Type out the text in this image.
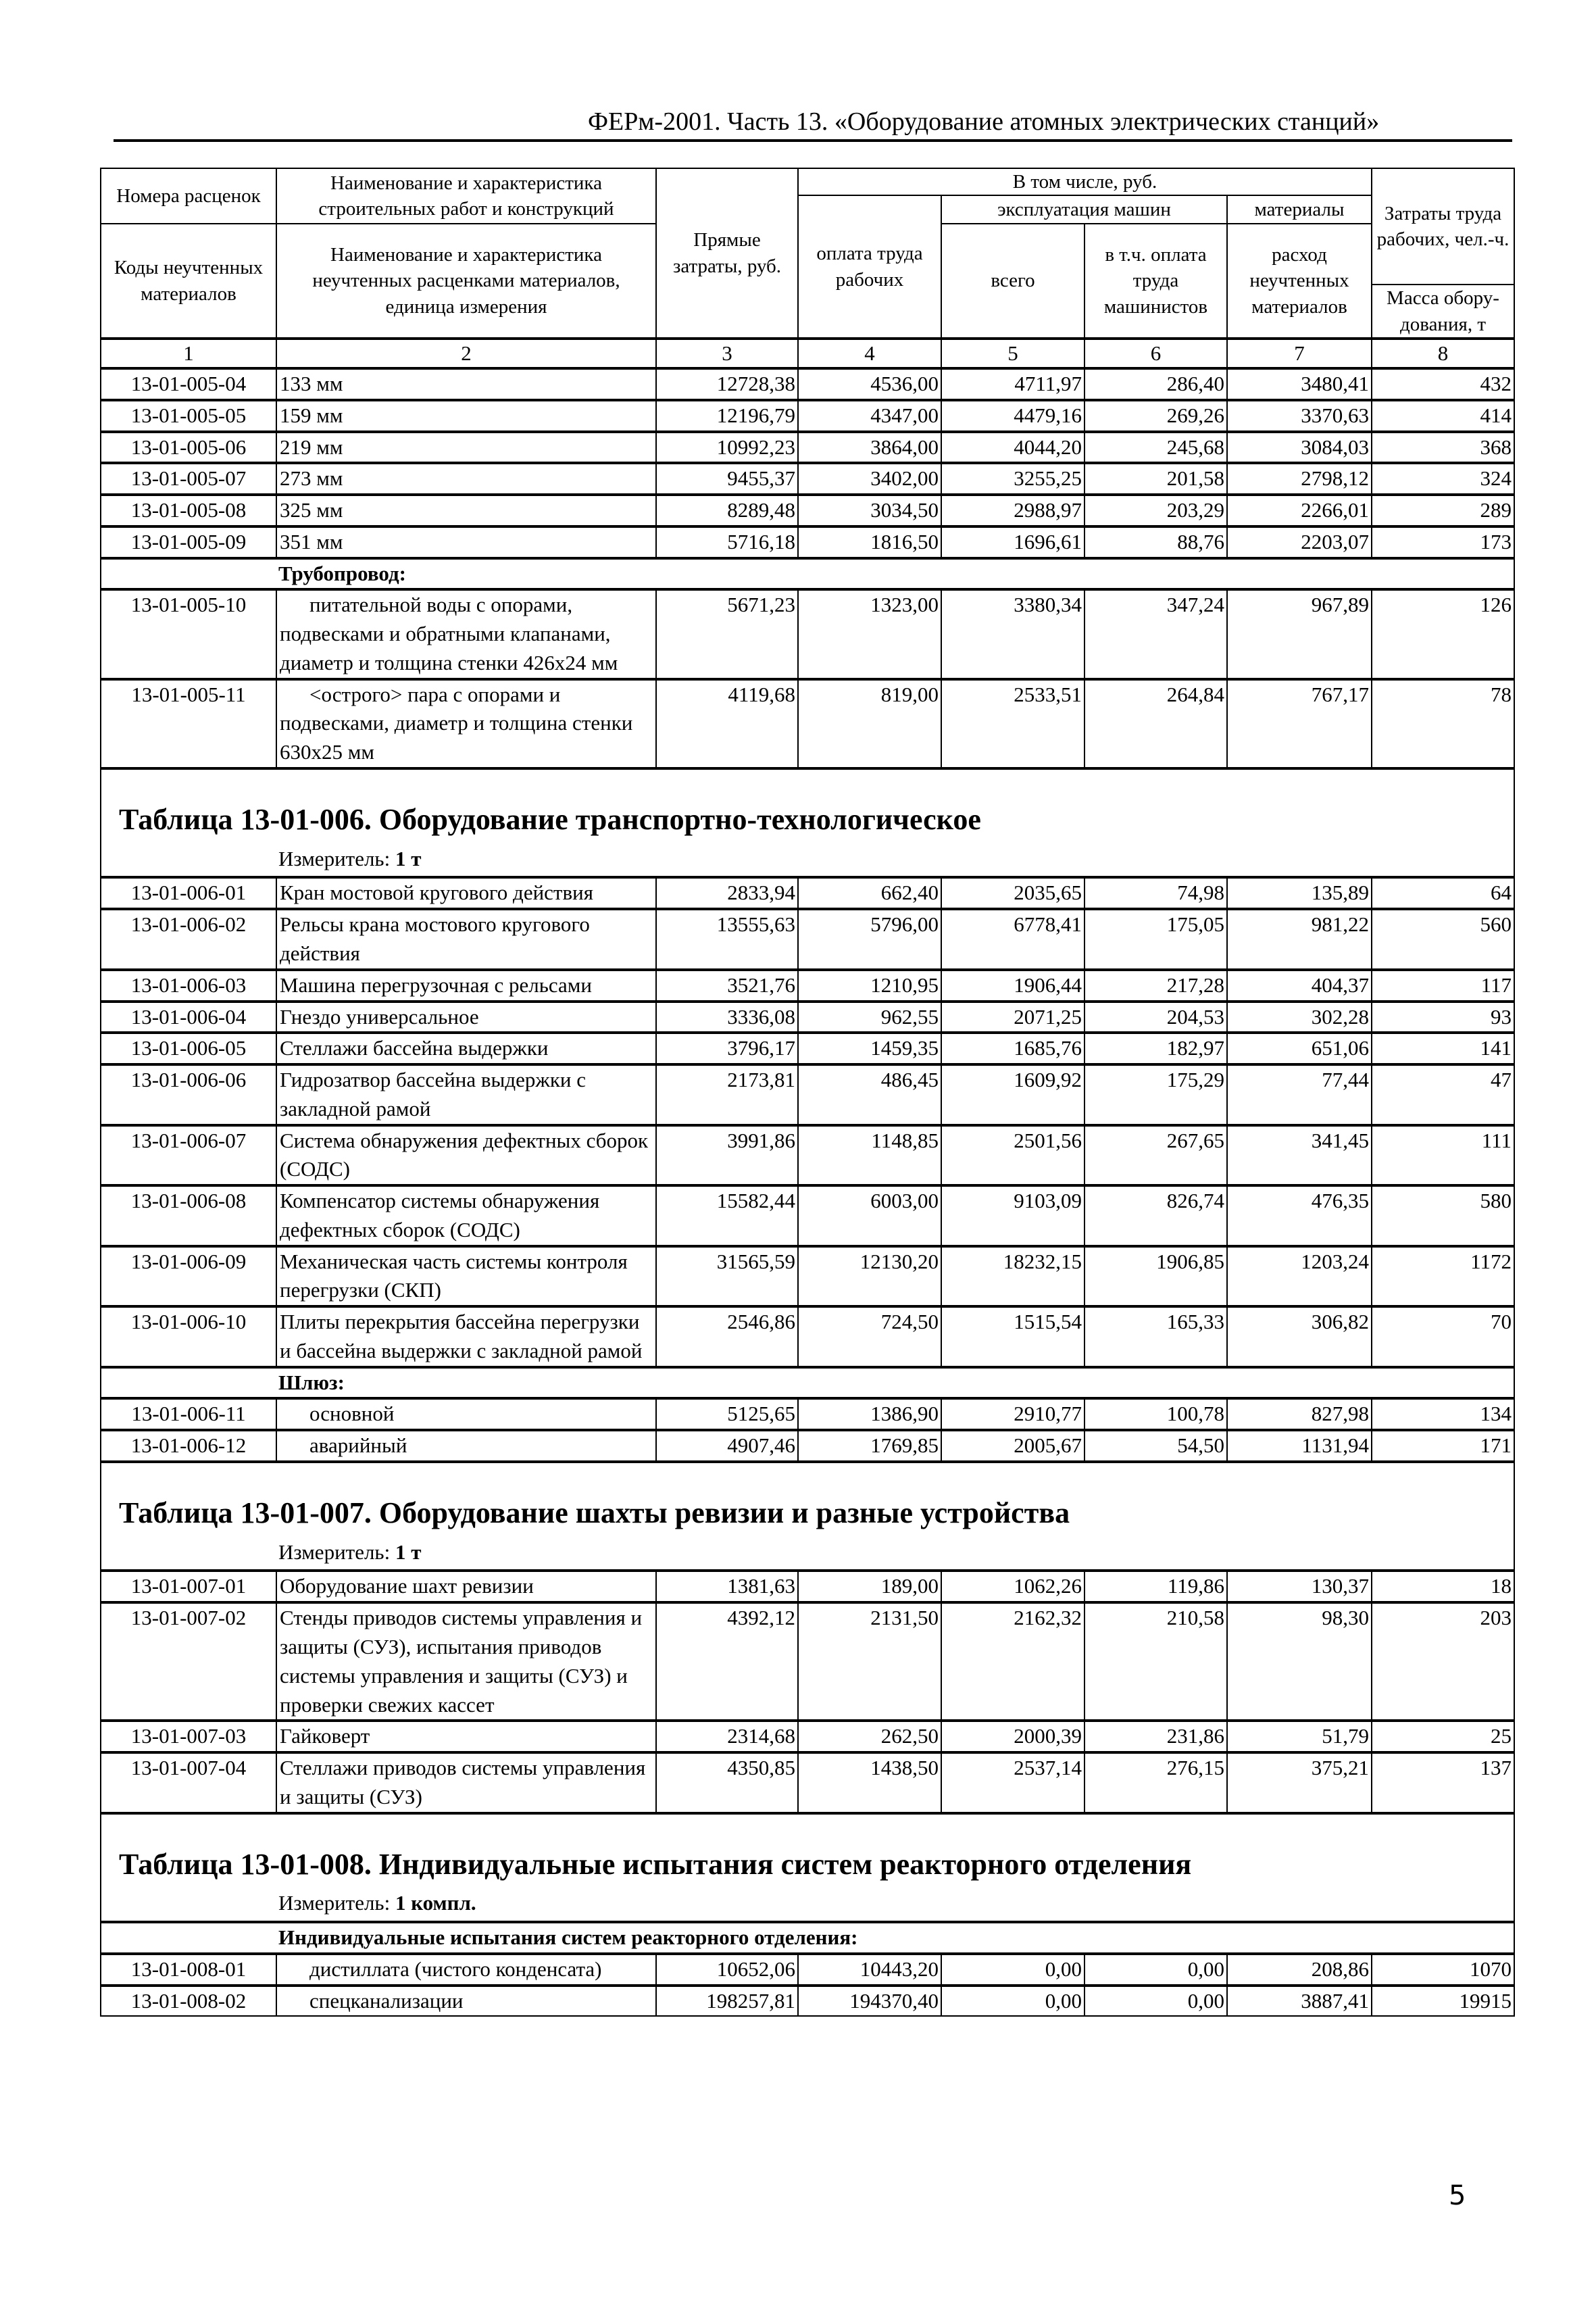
ФЕРм-2001. Часть 13. «Оборудование атомных электрических станций»
Номера расценок	Наименование и характеристика строительных работ и конструкций	Прямые затраты, руб.	В том числе, руб.				Затраты труда рабочих, чел.-ч.
			оплата труда рабочих	эксплуатация машин		материалы	
Коды неучтенных материалов	Наименование и характеристика неучтенных расценками материалов, единица измерения			всего	в т.ч. оплата труда машинистов	расход неучтенных материалов	
							Масса обору-дования, т
1	2	3	4	5	6	7	8
13-01-005-04	133 мм	12728,38	4536,00	4711,97	286,40	3480,41	432
13-01-005-05	159 мм	12196,79	4347,00	4479,16	269,26	3370,63	414
13-01-005-06	219 мм	10992,23	3864,00	4044,20	245,68	3084,03	368
13-01-005-07	273 мм	9455,37	3402,00	3255,25	201,58	2798,12	324
13-01-005-08	325 мм	8289,48	3034,50	2988,97	203,29	2266,01	289
13-01-005-09	351 мм	5716,18	1816,50	1696,61	88,76	2203,07	173
Трубопровод:							
13-01-005-10	питательной воды с опорами, подвесками и обратными клапанами, диаметр и толщина стенки 426х24 мм	5671,23	1323,00	3380,34	347,24	967,89	126
13-01-005-11	<острого> пара с опорами и подвесками, диаметр и толщина стенки 630х25 мм	4119,68	819,00	2533,51	264,84	767,17	78

Таблица 13-01-006. Оборудование транспортно-технологическое
Измеритель: 1 т							

13-01-006-01	Кран мостовой кругового действия	2833,94	662,40	2035,65	74,98	135,89	64
13-01-006-02	Рельсы крана мостового кругового действия	13555,63	5796,00	6778,41	175,05	981,22	560
13-01-006-03	Машина перегрузочная с рельсами	3521,76	1210,95	1906,44	217,28	404,37	117
13-01-006-04	Гнездо универсальное	3336,08	962,55	2071,25	204,53	302,28	93
13-01-006-05	Стеллажи бассейна выдержки	3796,17	1459,35	1685,76	182,97	651,06	141
13-01-006-06	Гидрозатвор бассейна выдержки с закладной рамой	2173,81	486,45	1609,92	175,29	77,44	47
13-01-006-07	Система обнаружения дефектных сборок (СОДС)	3991,86	1148,85	2501,56	267,65	341,45	111
13-01-006-08	Компенсатор системы обнаружения дефектных сборок (СОДС)	15582,44	6003,00	9103,09	826,74	476,35	580
13-01-006-09	Механическая часть системы контроля перегрузки (СКП)	31565,59	12130,20	18232,15	1906,85	1203,24	1172
13-01-006-10	Плиты перекрытия бассейна перегрузки и бассейна выдержки с закладной рамой	2546,86	724,50	1515,54	165,33	306,82	70
Шлюз:							
13-01-006-11	основной	5125,65	1386,90	2910,77	100,78	827,98	134
13-01-006-12	аварийный	4907,46	1769,85	2005,67	54,50	1131,94	171

Таблица 13-01-007. Оборудование шахты ревизии и разные устройства
Измеритель: 1 т							

13-01-007-01	Оборудование шахт ревизии	1381,63	189,00	1062,26	119,86	130,37	18
13-01-007-02	Стенды приводов системы управления и защиты (СУЗ), испытания приводов системы управления и защиты (СУЗ) и проверки свежих кассет	4392,12	2131,50	2162,32	210,58	98,30	203
13-01-007-03	Гайковерт	2314,68	262,50	2000,39	231,86	51,79	25
13-01-007-04	Стеллажи приводов системы управления и защиты (СУЗ)	4350,85	1438,50	2537,14	276,15	375,21	137

Таблица 13-01-008. Индивидуальные испытания систем реакторного отделения
Измеритель: 1 компл.							

Индивидуальные испытания систем реакторного отделения:							
13-01-008-01	дистиллата (чистого конденсата)	10652,06	10443,20	0,00	0,00	208,86	1070
13-01-008-02	спецканализации	198257,81	194370,40	0,00	0,00	3887,41	19915
5
